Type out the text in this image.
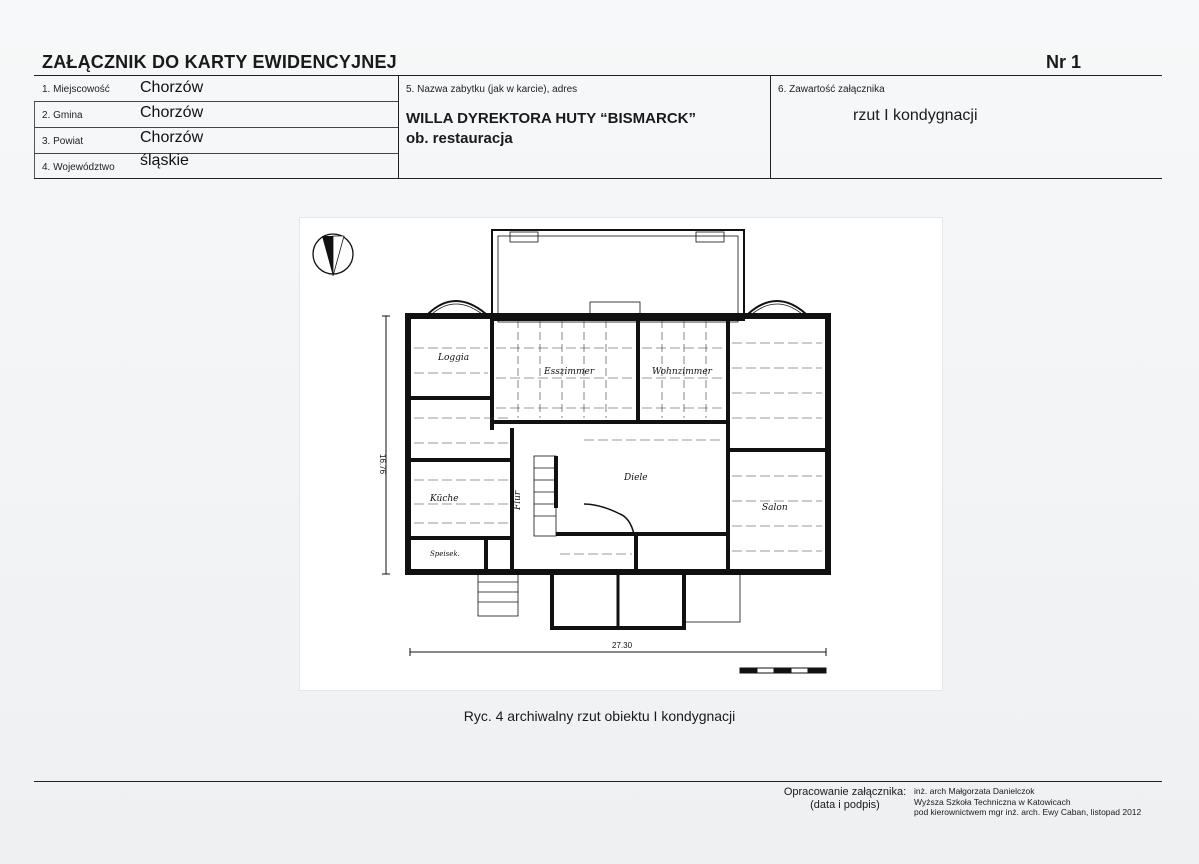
ZAŁĄCZNIK DO KARTY EWIDENCYJNEJ	Nr 1
1. Miejscowość Chorzów
2. Gmina	Chorzów
3. Powiat	Chorzów
4. Województwo śląskie
5. Nazwa zabytku (jak w karcie), adres
WILLA DYREKTORA HUTY “BISMARCK”
ob. restauracja
6. Zawartość załącznika
rzut I kondygnacji
Loggia
Esszimmer	Wohnzimmer
Küche
Diele
Salon
Flur
Speisek.
27.30
16.76
Ryc. 4 archiwalny rzut obiektu I kondygnacji
Opracowanie załącznika:
(data i podpis)
inż. arch Małgorzata Danielczok
Wyższa Szkoła Techniczna w Katowicach
pod kierownictwem mgr inż. arch. Ewy Caban, listopad 2012
